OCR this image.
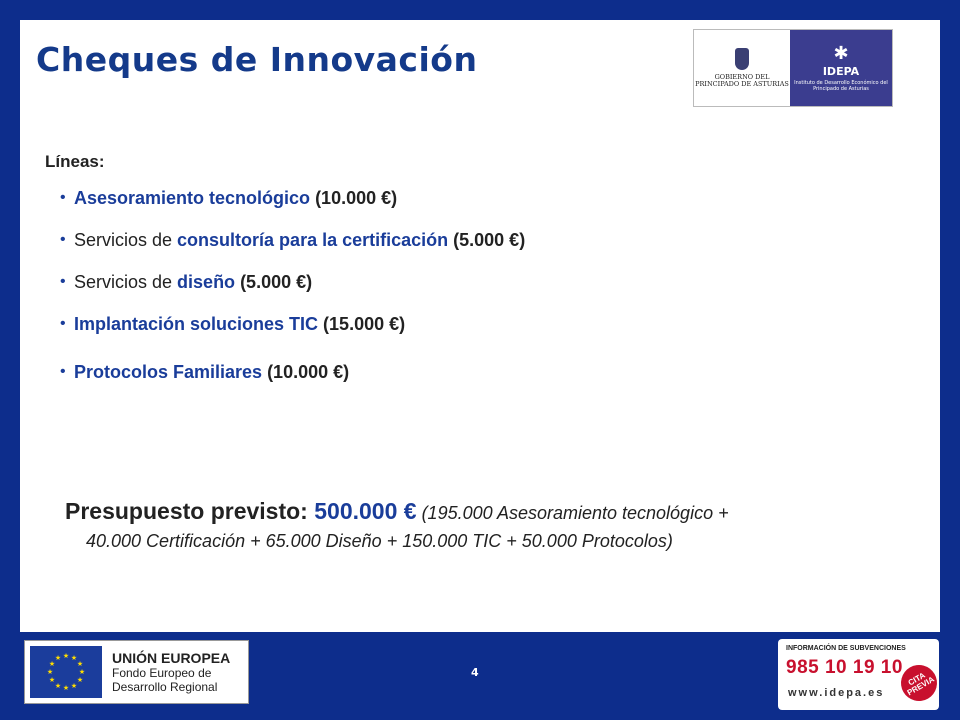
Cheques de Innovación	GOBIERNO DEL PRINCIPADO DE ASTURIAS
✱
IDEPA
Instituto de Desarrollo Económico del Principado de Asturias
Líneas:
• Asesoramiento tecnológico (10.000 €)
• Servicios de consultoría para la certificación (5.000 €)
• Servicios de diseño (5.000 €)
• Implantación soluciones TIC (15.000 €)
• Protocolos Familiares (10.000 €)
Presupuesto previsto: 500.000 € (195.000 Asesoramiento tecnológico +
40.000 Certificación + 65.000 Diseño + 150.000 TIC + 50.000 Protocolos)
★ ★
★
★
★
★
★
★
★
★
★
★	UNIÓN EUROPEA
Fondo Europeo de
Desarrollo Regional
4
INFORMACIÓN DE SUBVENCIONES
985 10 19 10
www.idepa.es
CITA PREVIA
